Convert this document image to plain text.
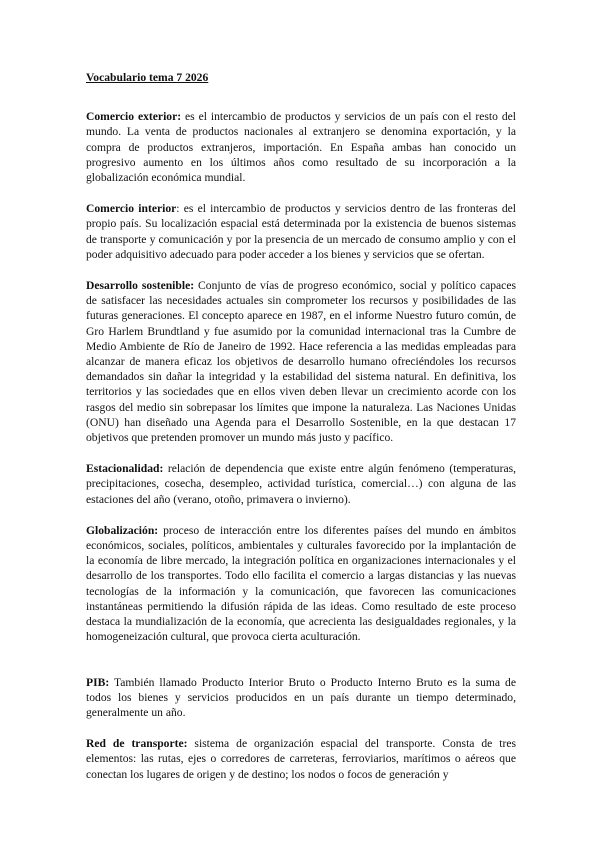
Vocabulario tema 7 2026

Comercio exterior: es el intercambio de productos y servicios de un país con el resto del mundo. La venta de productos nacionales al extranjero se denomina exportación, y la compra de productos extranjeros, importación. En España ambas han conocido un progresivo aumento en los últimos años como resultado de su incorporación a la globalización económica mundial.

Comercio interior: es el intercambio de productos y servicios dentro de las fronteras del propio país. Su localización espacial está determinada por la existencia de buenos sistemas de transporte y comunicación y por la presencia de un mercado de consumo amplio y con el poder adquisitivo adecuado para poder acceder a los bienes y servicios que se ofertan.

Desarrollo sostenible: Conjunto de vías de progreso económico, social y político capaces de satisfacer las necesidades actuales sin comprometer los recursos y posibilidades de las futuras generaciones. El concepto aparece en 1987, en el informe Nuestro futuro común, de Gro Harlem Brundtland y fue asumido por la comunidad internacional tras la Cumbre de Medio Ambiente de Río de Janeiro de 1992. Hace referencia a las medidas empleadas para alcanzar de manera eficaz los objetivos de desarrollo humano ofreciéndoles los recursos demandados sin dañar la integridad y la estabilidad del sistema natural. En definitiva, los territorios y las sociedades que en ellos viven deben llevar un crecimiento acorde con los rasgos del medio sin sobrepasar los límites que impone la naturaleza. Las Naciones Unidas (ONU) han diseñado una Agenda para el Desarrollo Sostenible, en la que destacan 17 objetivos que pretenden promover un mundo más justo y pacífico.

Estacionalidad: relación de dependencia que existe entre algún fenómeno (temperaturas, precipitaciones, cosecha, desempleo, actividad turística, comercial…) con alguna de las estaciones del año (verano, otoño, primavera o invierno).

Globalización: proceso de interacción entre los diferentes países del mundo en ámbitos económicos, sociales, políticos, ambientales y culturales favorecido por la implantación de la economía de libre mercado, la integración política en organizaciones internacionales y el desarrollo de los transportes. Todo ello facilita el comercio a largas distancias y las nuevas tecnologías de la información y la comunicación, que favorecen las comunicaciones instantáneas permitiendo la difusión rápida de las ideas. Como resultado de este proceso destaca la mundialización de la economía, que acrecienta las desigualdades regionales, y la homogeneización cultural, que provoca cierta aculturación.

PIB: También llamado Producto Interior Bruto o Producto Interno Bruto es la suma de todos los bienes y servicios producidos en un país durante un tiempo determinado, generalmente un año.

Red de transporte: sistema de organización espacial del transporte. Consta de tres elementos: las rutas, ejes o corredores de carreteras, ferroviarios, marítimos o aéreos que conectan los lugares de origen y de destino; los nodos o focos de generación y
